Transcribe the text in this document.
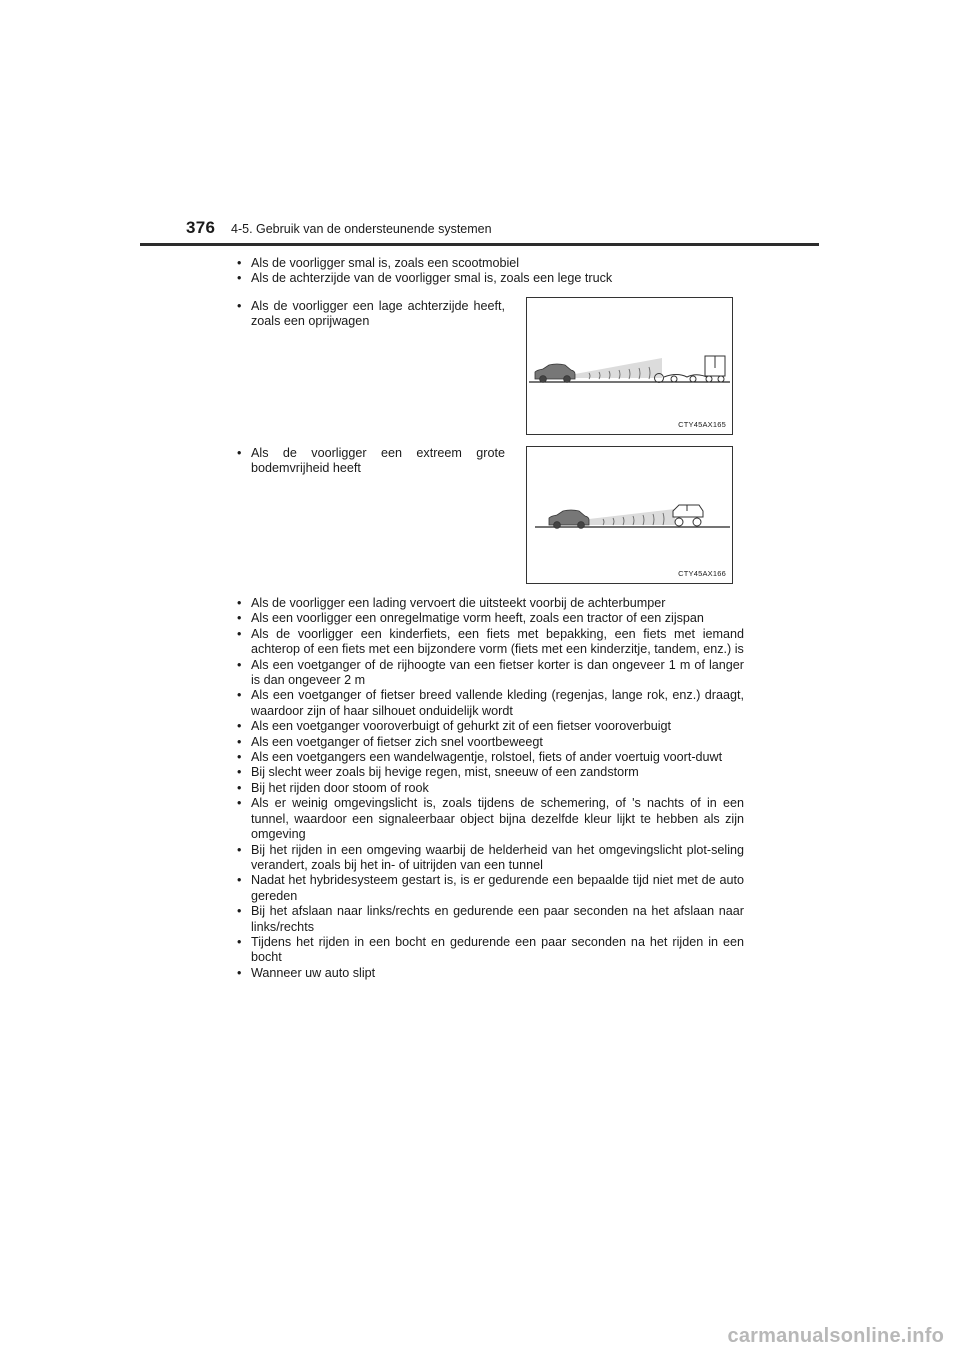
376 4-5. Gebruik van de ondersteunende systemen
• Als de voorligger smal is, zoals een scootmobiel
• Als de achterzijde van de voorligger smal is, zoals een lege truck
• Als de voorligger een lage achterzijde heeft, zoals een oprijwagen
CTY45AX165
• Als de voorligger een extreem grote bodemvrijheid heeft
CTY45AX166
• Als de voorligger een lading vervoert die uitsteekt voorbij de achterbumper
• Als een voorligger een onregelmatige vorm heeft, zoals een tractor of een zijspan
• Als de voorligger een kinderfiets, een fiets met bepakking, een fiets met iemand achterop of een fiets met een bijzondere vorm (fiets met een kinderzitje, tandem, enz.) is
• Als een voetganger of de rijhoogte van een fietser korter is dan ongeveer 1 m of langer is dan ongeveer 2 m
• Als een voetganger of fietser breed vallende kleding (regenjas, lange rok, enz.) draagt, waardoor zijn of haar silhouet onduidelijk wordt
• Als een voetganger vooroverbuigt of gehurkt zit of een fietser vooroverbuigt
• Als een voetganger of fietser zich snel voortbeweegt
• Als een voetgangers een wandelwagentje, rolstoel, fiets of ander voertuig voort-duwt
• Bij slecht weer zoals bij hevige regen, mist, sneeuw of een zandstorm
• Bij het rijden door stoom of rook
• Als er weinig omgevingslicht is, zoals tijdens de schemering, of 's nachts of in een tunnel, waardoor een signaleerbaar object bijna dezelfde kleur lijkt te hebben als zijn omgeving
• Bij het rijden in een omgeving waarbij de helderheid van het omgevingslicht plot-seling verandert, zoals bij het in- of uitrijden van een tunnel
• Nadat het hybridesysteem gestart is, is er gedurende een bepaalde tijd niet met de auto gereden
• Bij het afslaan naar links/rechts en gedurende een paar seconden na het afslaan naar links/rechts
• Tijdens het rijden in een bocht en gedurende een paar seconden na het rijden in een bocht
• Wanneer uw auto slipt
carmanualsonline.info
